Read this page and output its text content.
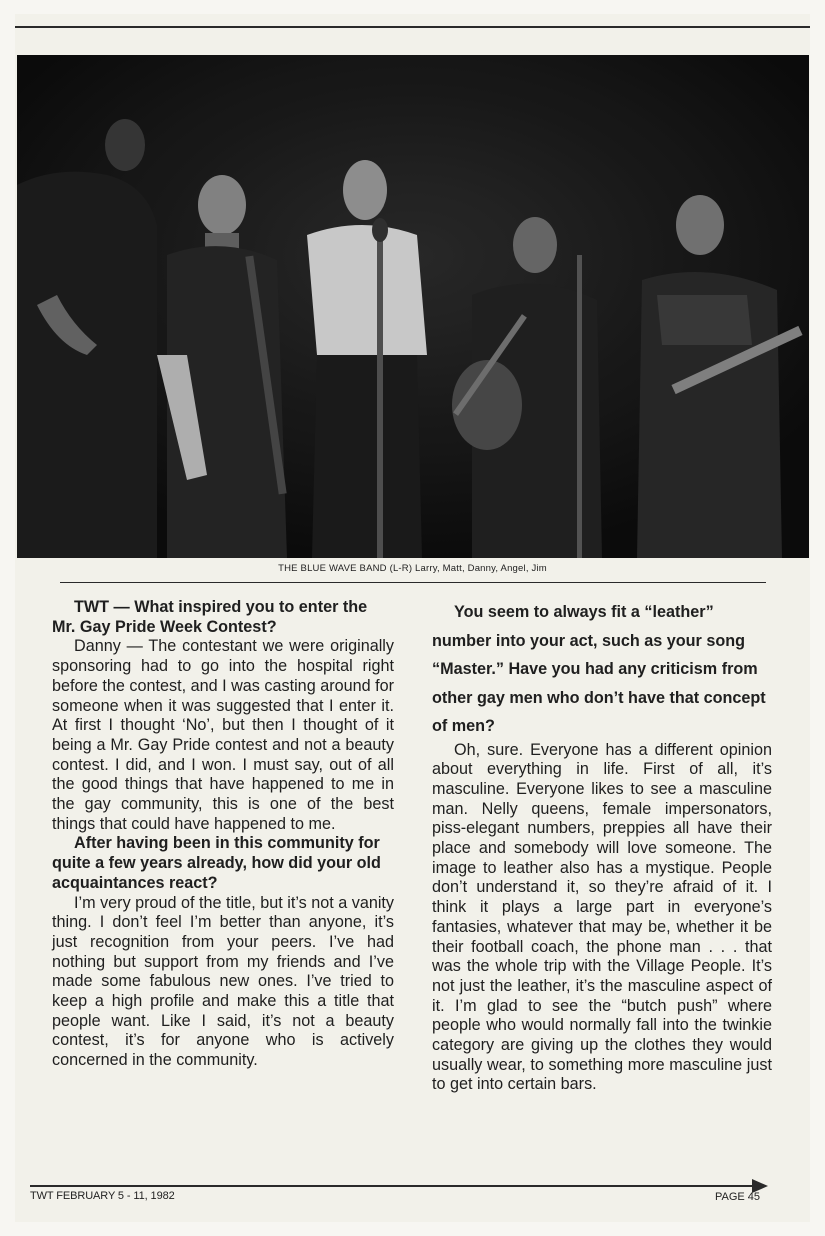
THE BLUE WAVE BAND (L-R) Larry, Matt, Danny, Angel, Jim

TWT — What inspired you to enter the Mr. Gay Pride Week Contest?

Danny — The contestant we were originally sponsoring had to go into the hospital right before the contest, and I was casting around for someone when it was suggested that I enter it. At first I thought ‘No’, but then I thought of it being a Mr. Gay Pride contest and not a beauty contest. I did, and I won. I must say, out of all the good things that have happened to me in the gay community, this is one of the best things that could have happened to me.

After having been in this community for quite a few years already, how did your old acquaintances react?

I’m very proud of the title, but it’s not a vanity thing. I don’t feel I’m better than anyone, it’s just recognition from your peers. I’ve had nothing but support from my friends and I’ve made some fabulous new ones. I’ve tried to keep a high profile and make this a title that people want. Like I said, it’s not a beauty contest, it’s for anyone who is actively concerned in the community.

You seem to always fit a “leather” number into your act, such as your song “Master.” Have you had any criticism from other gay men who don’t have that concept of men?

Oh, sure. Everyone has a different opinion about everything in life. First of all, it’s masculine. Everyone likes to see a masculine man. Nelly queens, female impersonators, piss-elegant numbers, preppies all have their place and somebody will love someone. The image to leather also has a mystique. People don’t understand it, so they’re afraid of it. I think it plays a large part in everyone’s fantasies, whatever that may be, whether it be their football coach, the phone man . . . that was the whole trip with the Village People. It’s not just the leather, it’s the masculine aspect of it. I’m glad to see the “butch push” where people who would normally fall into the twinkie category are giving up the clothes they would usually wear, to something more masculine just to get into certain bars.

TWT FEBRUARY 5 - 11, 1982	PAGE 45
